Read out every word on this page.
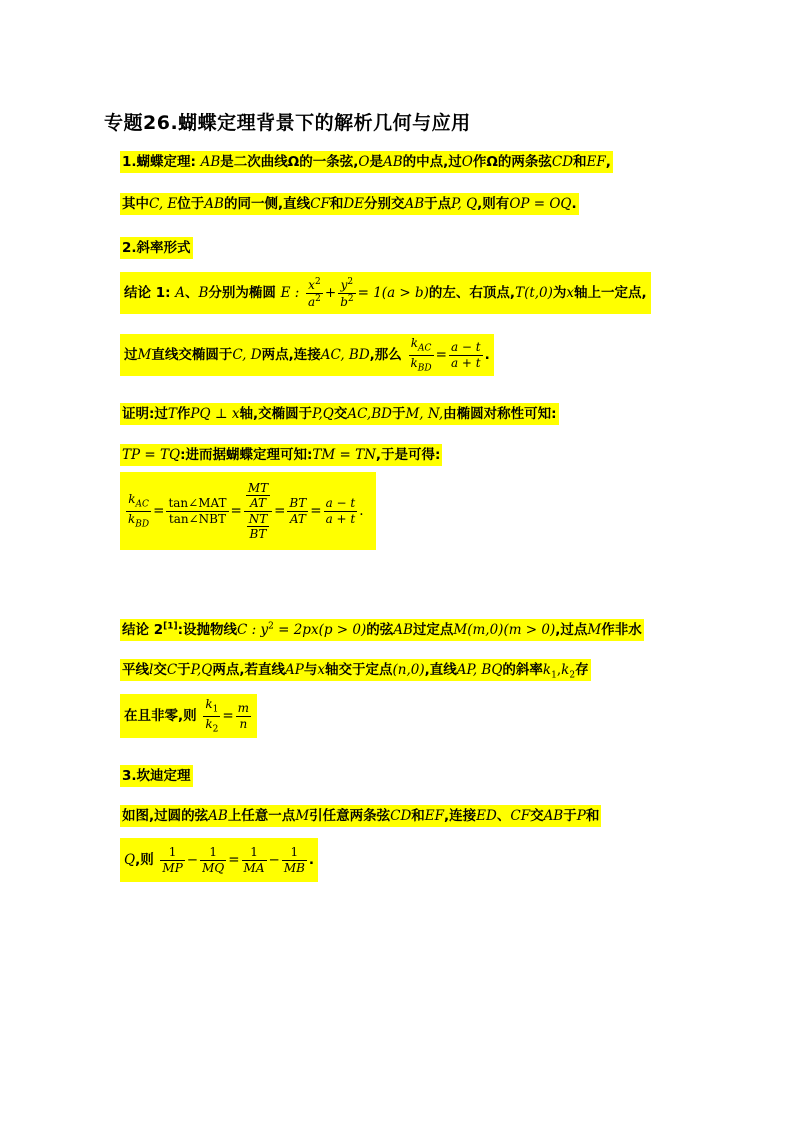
专题26.蝴蝶定理背景下的解析几何与应用
1.蝴蝶定理: AB是二次曲线Ω的一条弦,O是AB的中点,过O作Ω的两条弦CD和EF,
其中C, E位于AB的同一侧,直线CF和DE分别交AB于点P, Q,则有OP = OQ.
2.斜率形式
结论 1: A、B分别为椭圆 E : $\frac{x^2}{a^2} + \frac{y^2}{b^2} = 1(a > b)$的左、右顶点,T(t,0)为x轴上一定点,
过M直线交椭圆于C, D两点,连接AC, BD,那么 $\frac{k_{AC}}{k_{BD}} = \frac{a - t}{a + t}$ .
证明:过T作PQ ⊥ x轴,交椭圆于P,Q交AC,BD于M, N,由椭圆对称性可知:
TP = TQ:进而据蝴蝶定理可知:TM = TN,于是可得:
$\frac{k_{AC}}{k_{BD}} = \frac{\text{tan∠MAT}}{\text{tan∠NBT}} = \frac{\frac{MT}{AT}}{\frac{NT}{BT}} = \frac{BT}{AT} = \frac{a - t}{a + t}$ .
结论 2[1]:设抛物线C : $y^2 = 2px(p > 0)$的弦AB过定点M(m,0)(m > 0),过点M作非水
平线l交C于P,Q两点,若直线AP与x轴交于定点(n,0),直线AP, BQ的斜率$k_1,k_2$存
在且非零,则 $\frac{k_1}{k_2} = \frac{m}{n}$
3.坎迪定理
如图,过圆的弦AB上任意一点M引任意两条弦CD和EF,连接ED、CF交AB于P和
Q,则 $\frac{1}{MP} - \frac{1}{MQ} = \frac{1}{MA} - \frac{1}{MB}$ .
